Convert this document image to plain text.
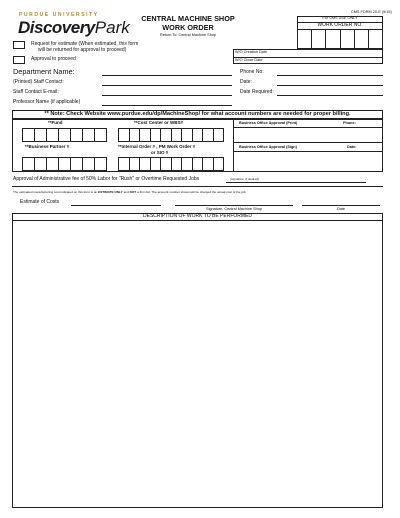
PURDUE UNIVERSITY
DiscoveryPark	CENTRAL MACHINE SHOP
WORK ORDER
Return To: Central Machine Shop
CMS FORM 20-E (9/15)
For CMS USE ONLY
WORK ORDER NO.
Request for estimate (When estimated, this form
will be returned for approval to proceed)
Approval to proceed
W/O Creation Date
W/O Close Date
Department Name:	Phone No:
(Printed) Staff Contact:	Date:
Staff Contact E-mail:	Date Required:
Professor Name (if applicable)
** Note: Check Website www.purdue.edu/dp/MachineShop/ for what account numbers are needed for proper billing.
**Fund	**Cost Center or WBS#
**Business Partner #	**Internal Order # , PM Work Order #
or SIO #
Business Office Approval (Print)	Phone:
Business Office Approval (Sign)	Date:
Approval of Administrative fee of 50% Labor for "Rush" or Overtime Requested Jobs	(signature, if desired)
The estimated manufacturing cost indicated on this form is an ESTIMATE ONLY and NOT a firm bid. The account number shown will be charged the actual cost of the job.
Estimate of Costs
Signature, Central Machine Shop	Date
DESCRIPTION OF WORK TO BE PERFORMED
